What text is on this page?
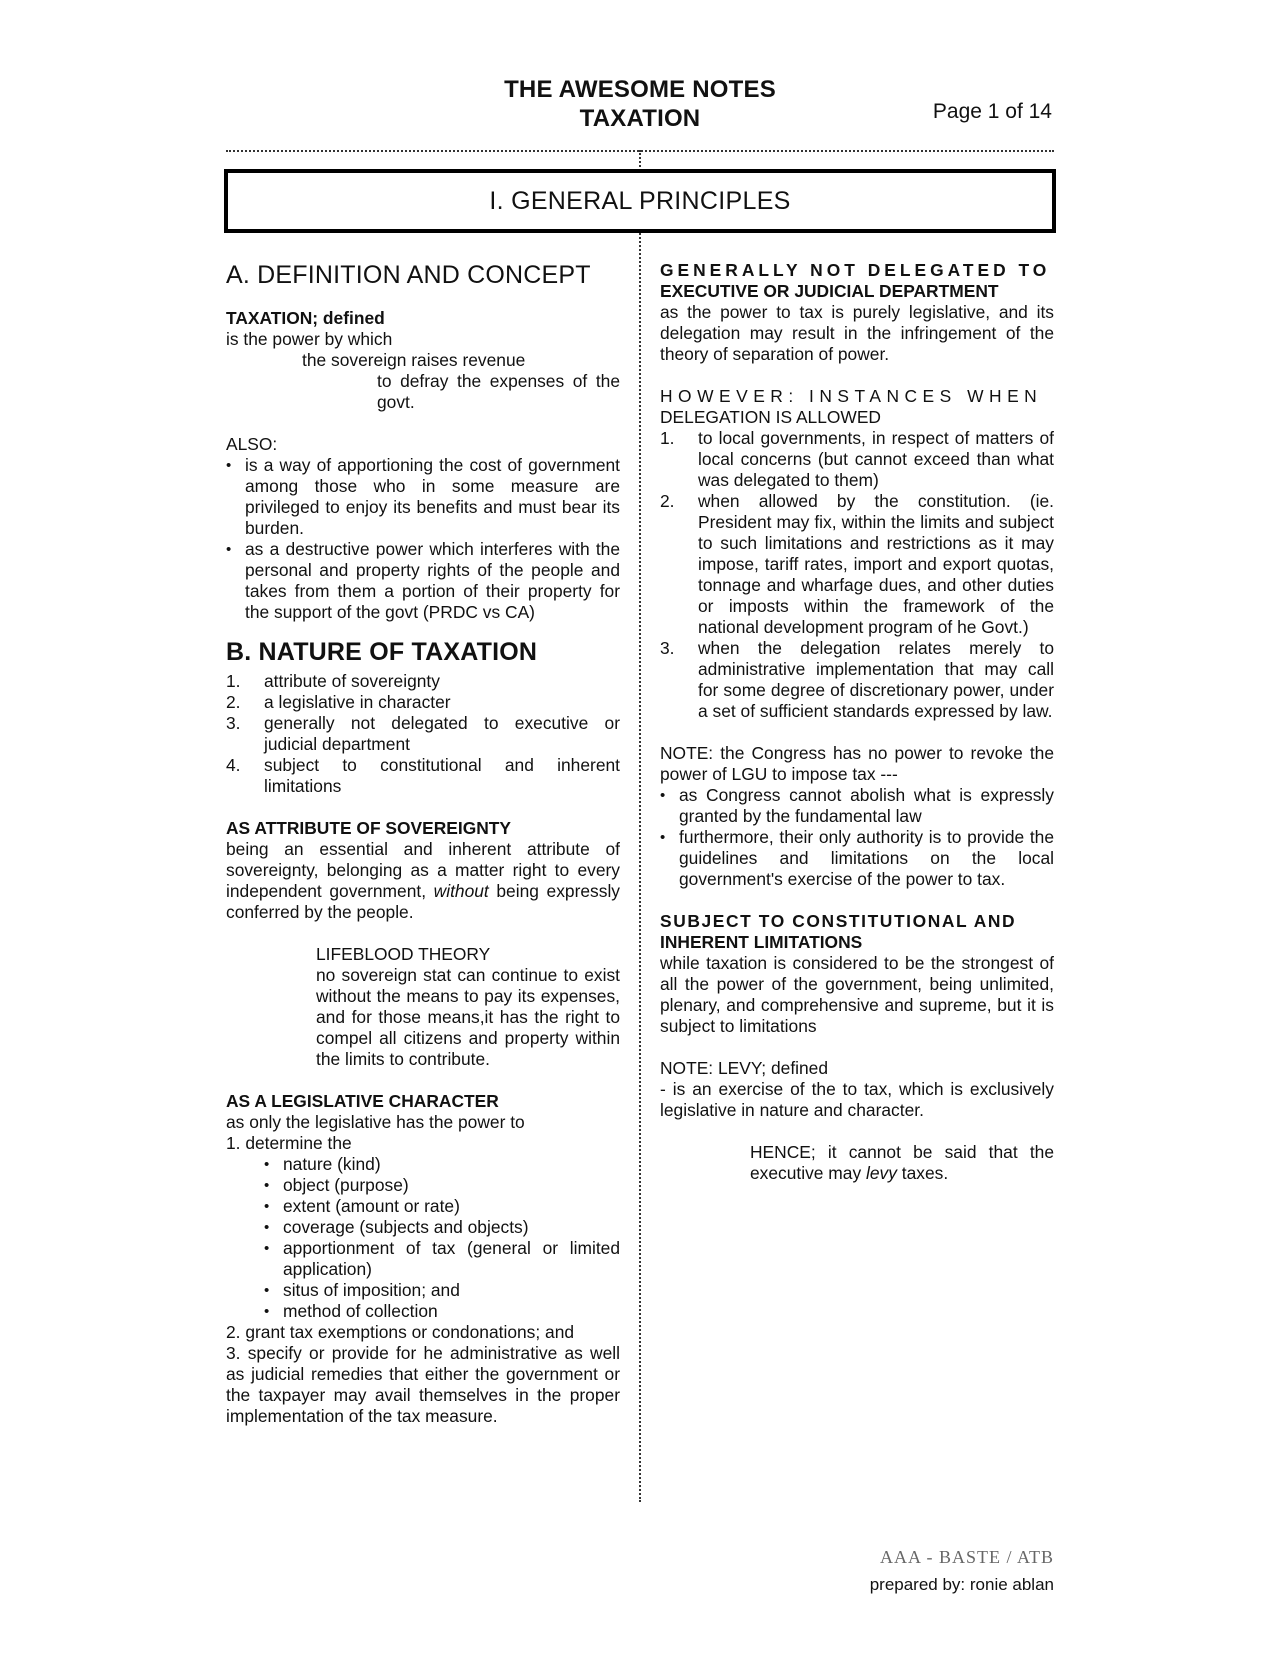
THE AWESOME NOTES
TAXATION	Page 1 of 14
I. GENERAL PRINCIPLES
A. DEFINITION AND CONCEPT
TAXATION; defined
is the power by which
the sovereign raises revenue
to defray the expenses of the govt.
ALSO:
• is a way of apportioning the cost of government among those who in some measure are privileged to enjoy its benefits and must bear its burden.
• as a destructive power which interferes with the personal and property rights of the people and takes from them a portion of their property for the support of the govt (PRDC vs CA)
B. NATURE OF TAXATION
1. attribute of sovereignty
2. a legislative in character
3. generally not delegated to executive or judicial department
4. subject to constitutional and inherent limitations
AS ATTRIBUTE OF SOVEREIGNTY
being an essential and inherent attribute of sovereignty, belonging as a matter right to every independent government, without being expressly conferred by the people.
LIFEBLOOD THEORY
no sovereign stat can continue to exist without the means to pay its expenses, and for those means,it has the right to compel all citizens and property within the limits to contribute.
AS A LEGISLATIVE CHARACTER
as only the legislative has the power to
1. determine the
• nature (kind)
• object (purpose)
• extent (amount or rate)
• coverage (subjects and objects)
• apportionment of tax (general or limited application)
• situs of imposition; and
• method of collection
2. grant tax exemptions or condonations; and
3. specify or provide for he administrative as well as judicial remedies that either the government or the taxpayer may avail themselves in the proper implementation of the tax measure.
GENERALLY NOT DELEGATED TO
EXECUTIVE OR JUDICIAL DEPARTMENT
as the power to tax is purely legislative, and its delegation may result in the infringement of the theory of separation of power.
HOWEVER: INSTANCES WHEN
DELEGATION IS ALLOWED
1. to local governments, in respect of matters of local concerns (but cannot exceed than what was delegated to them)
2. when allowed by the constitution. (ie. President may fix, within the limits and subject to such limitations and restrictions as it may impose, tariff rates, import and export quotas, tonnage and wharfage dues, and other duties or imposts within the framework of the national development program of he Govt.)
3. when the delegation relates merely to administrative implementation that may call for some degree of discretionary power, under a set of sufficient standards expressed by law.
NOTE: the Congress has no power to revoke the power of LGU to impose tax ---
• as Congress cannot abolish what is expressly granted by the fundamental law
• furthermore, their only authority is to provide the guidelines and limitations on the local government's exercise of the power to tax.
SUBJECT TO CONSTITUTIONAL AND
INHERENT LIMITATIONS
while taxation is considered to be the strongest of all the power of the government, being unlimited, plenary, and comprehensive and supreme, but it is subject to limitations
NOTE: LEVY; defined
- is an exercise of the to tax, which is exclusively legislative in nature and character.
HENCE; it cannot be said that the executive may levy taxes.
AAA - BASTE / ATB
prepared by: ronie ablan
